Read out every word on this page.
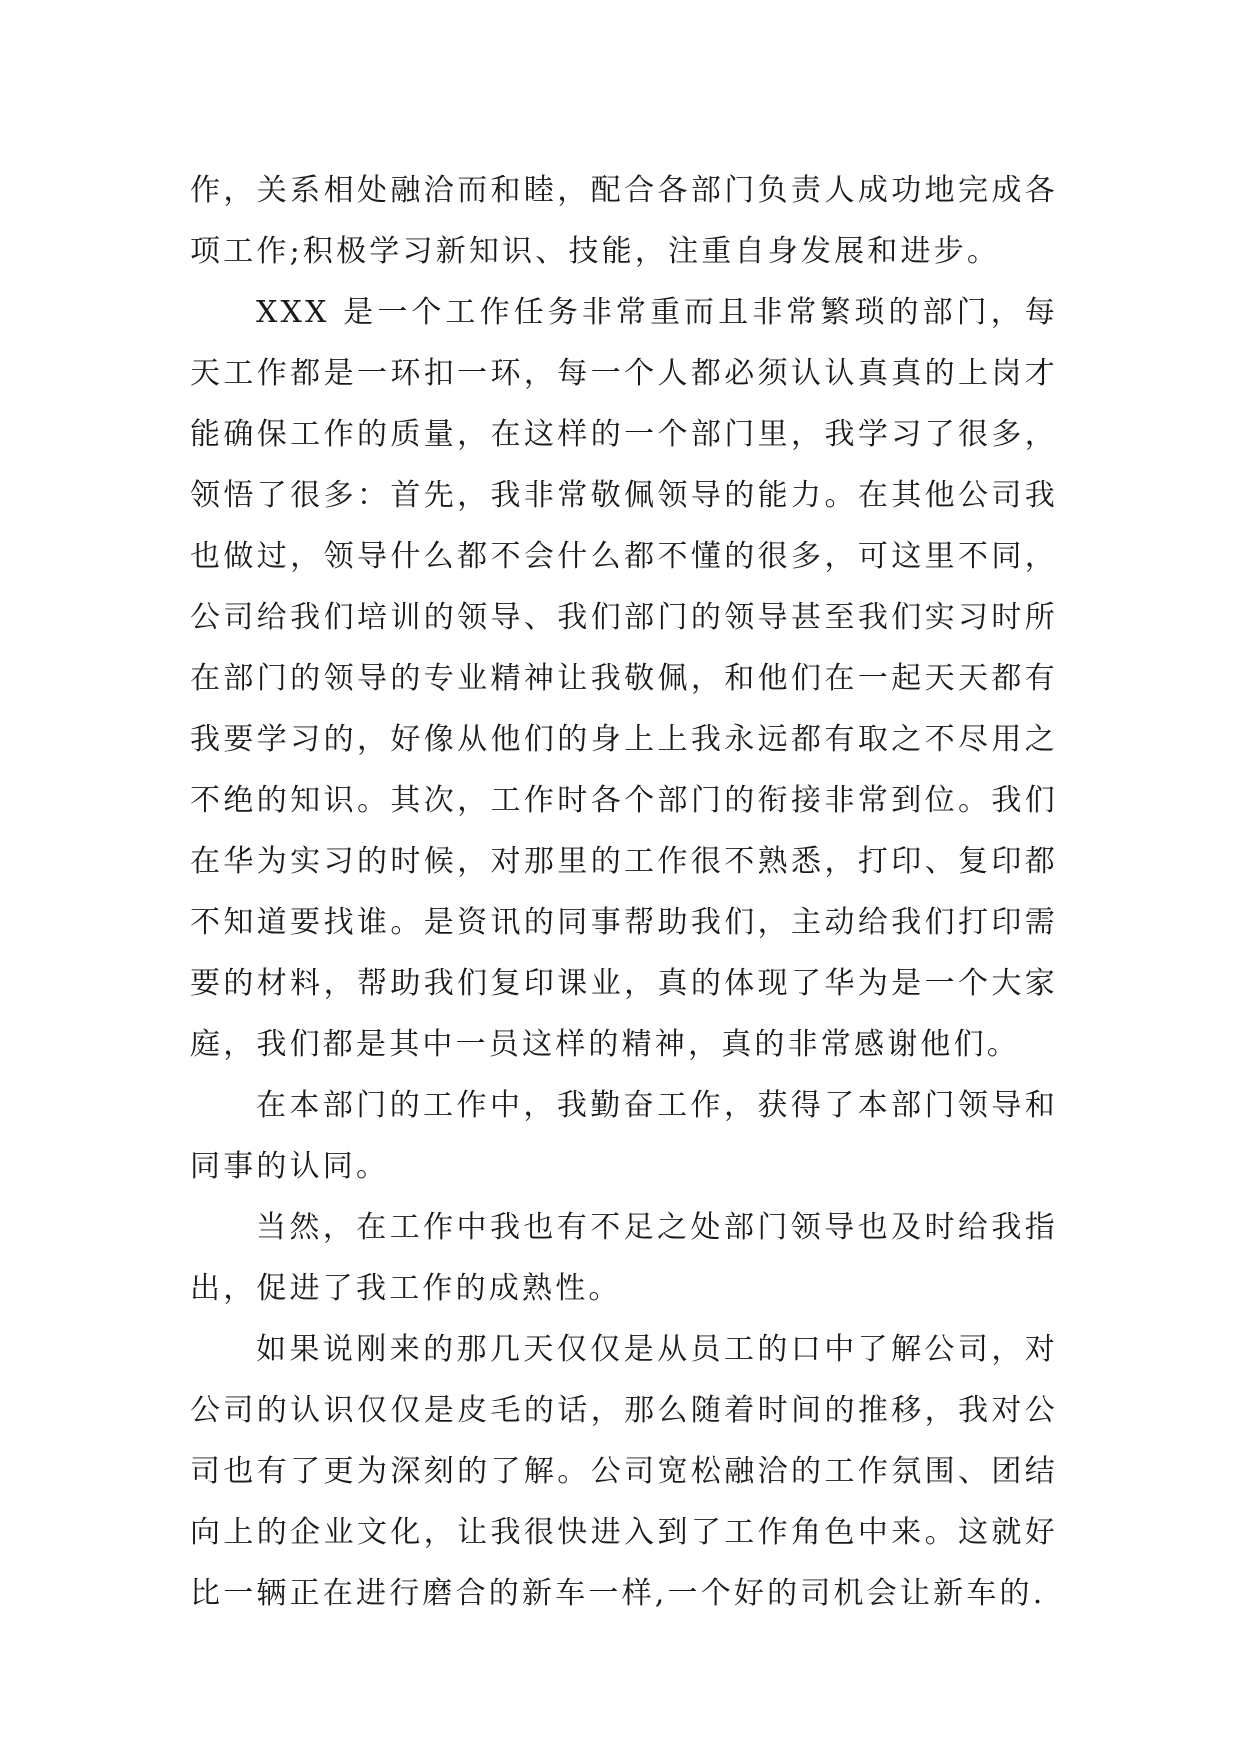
作，关系相处融洽而和睦，配合各部门负责人成功地完成各项工作;积极学习新知识、技能，注重自身发展和进步。

XXX 是一个工作任务非常重而且非常繁琐的部门，每天工作都是一环扣一环，每一个人都必须认认真真的上岗才能确保工作的质量，在这样的一个部门里，我学习了很多，领悟了很多：首先，我非常敬佩领导的能力。在其他公司我也做过，领导什么都不会什么都不懂的很多，可这里不同，公司给我们培训的领导、我们部门的领导甚至我们实习时所在部门的领导的专业精神让我敬佩，和他们在一起天天都有我要学习的，好像从他们的身上上我永远都有取之不尽用之不绝的知识。其次，工作时各个部门的衔接非常到位。我们在华为实习的时候，对那里的工作很不熟悉，打印、复印都不知道要找谁。是资讯的同事帮助我们，主动给我们打印需要的材料，帮助我们复印课业，真的体现了华为是一个大家庭，我们都是其中一员这样的精神，真的非常感谢他们。

在本部门的工作中，我勤奋工作，获得了本部门领导和同事的认同。

当然，在工作中我也有不足之处部门领导也及时给我指出，促进了我工作的成熟性。

如果说刚来的那几天仅仅是从员工的口中了解公司，对公司的认识仅仅是皮毛的话，那么随着时间的推移，我对公司也有了更为深刻的了解。公司宽松融洽的工作氛围、团结向上的企业文化，让我很快进入到了工作角色中来。这就好比一辆正在进行磨合的新车一样,一个好的司机会让新车的.
